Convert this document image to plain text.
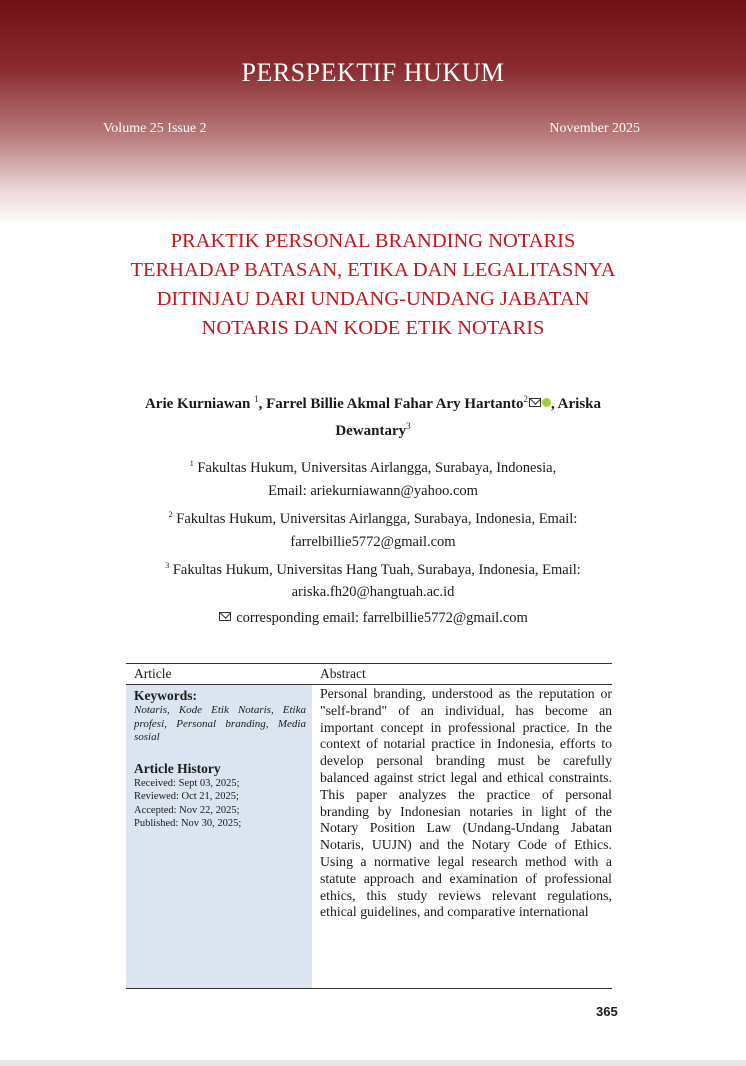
PERSPEKTIF HUKUM
Volume 25 Issue 2	November 2025
PRAKTIK PERSONAL BRANDING NOTARIS TERHADAP BATASAN, ETIKA DAN LEGALITASNYA DITINJAU DARI UNDANG-UNDANG JABATAN NOTARIS DAN KODE ETIK NOTARIS
Arie Kurniawan $^1$, Farrel Billie Akmal Fahar Ary Hartanto$^2$ , Ariska Dewantary$^3$
$^1$ Fakultas Hukum, Universitas Airlangga, Surabaya, Indonesia,
Email: ariekurniawann@yahoo.com
$^2$ Fakultas Hukum, Universitas Airlangga, Surabaya, Indonesia, Email:
farrelbillie5772@gmail.com
$^3$ Fakultas Hukum, Universitas Hang Tuah, Surabaya, Indonesia, Email:
ariska.fh20@hangtuah.ac.id
corresponding email: farrelbillie5772@gmail.com
Article	Abstract
Keywords:
Notaris, Kode Etik Notaris, Etika profesi, Personal branding, Media sosial
Article History
Received: Sept 03, 2025;
Reviewed: Oct 21, 2025;
Accepted: Nov 22, 2025;
Published: Nov 30, 2025;
Personal branding, understood as the reputation or "self-brand" of an individual, has become an important concept in professional practice. In the context of notarial practice in Indonesia, efforts to develop personal branding must be carefully balanced against strict legal and ethical constraints. This paper analyzes the practice of personal branding by Indonesian notaries in light of the Notary Position Law (Undang-Undang Jabatan Notaris, UUJN) and the Notary Code of Ethics. Using a normative legal research method with a statute approach and examination of professional ethics, this study reviews relevant regulations, ethical guidelines, and comparative international
365
